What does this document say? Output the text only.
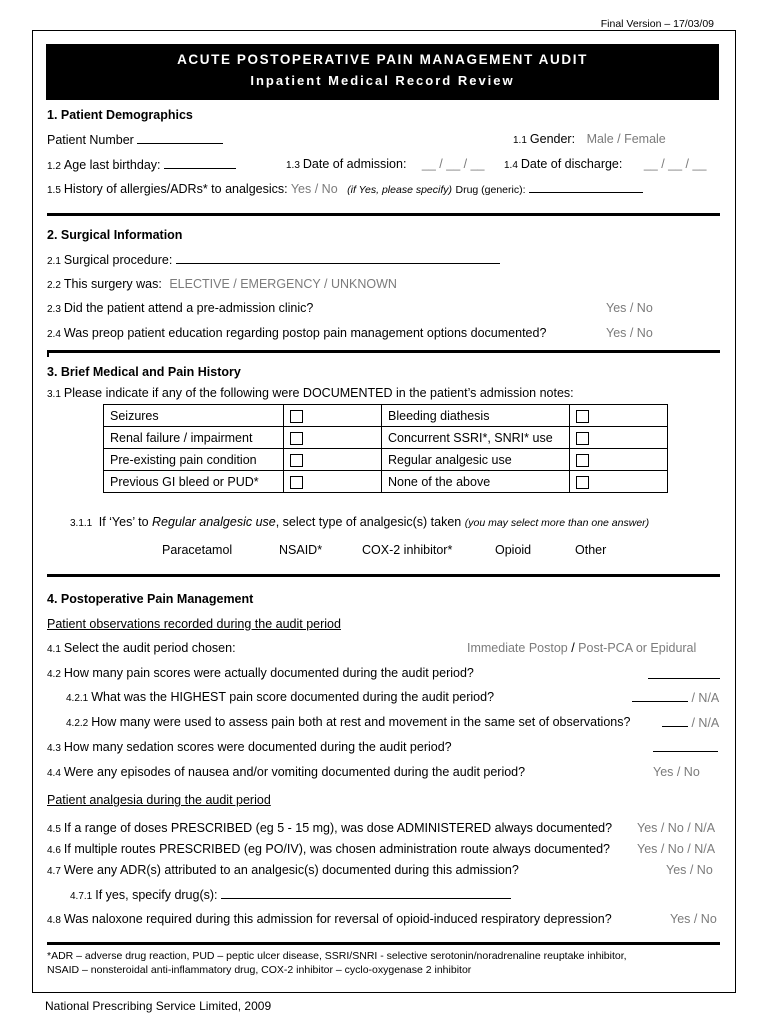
Final Version – 17/03/09
ACUTE POSTOPERATIVE PAIN MANAGEMENT AUDIT
Inpatient Medical Record Review
1. Patient Demographics
Patient Number	1.1 Gender: Male / Female
1.2 Age last birthday:	1.3 Date of admission: __ / __ / __ 1.4 Date of discharge: __ / __ / __
1.5 History of allergies/ADRs* to analgesics: Yes / No (if Yes, please specify) Drug (generic):
2. Surgical Information
2.1 Surgical procedure:
2.2 This surgery was: ELECTIVE / EMERGENCY / UNKNOWN
2.3 Did the patient attend a pre-admission clinic?	Yes / No
2.4 Was preop patient education regarding postop pain management options documented?	Yes / No
3. Brief Medical and Pain History
3.1 Please indicate if any of the following were DOCUMENTED in the patient’s admission notes:
Seizures		Bleeding diathesis	
Renal failure / impairment		Concurrent SSRI*, SNRI* use	
Pre-existing pain condition		Regular analgesic use	
Previous GI bleed or PUD*		None of the above	
3.1.1 If ‘Yes’ to Regular analgesic use, select type of analgesic(s) taken (you may select more than one answer)
Paracetamol	NSAID*	COX-2 inhibitor*	Opioid	Other
4. Postoperative Pain Management
Patient observations recorded during the audit period
4.1 Select the audit period chosen:	Immediate Postop / Post-PCA or Epidural
4.2 How many pain scores were actually documented during the audit period?
4.2.1 What was the HIGHEST pain score documented during the audit period?	/ N/A
4.2.2 How many were used to assess pain both at rest and movement in the same set of observations?	/ N/A
4.3 How many sedation scores were documented during the audit period?
4.4 Were any episodes of nausea and/or vomiting documented during the audit period?	Yes / No
Patient analgesia during the audit period
4.5 If a range of doses PRESCRIBED (eg 5 - 15 mg), was dose ADMINISTERED always documented? Yes / No / N/A
4.6 If multiple routes PRESCRIBED (eg PO/IV), was chosen administration route always documented? Yes / No / N/A
4.7 Were any ADR(s) attributed to an analgesic(s) documented during this admission?	Yes / No
4.7.1 If yes, specify drug(s):
4.8 Was naloxone required during this admission for reversal of opioid-induced respiratory depression?	Yes / No
*ADR – adverse drug reaction, PUD – peptic ulcer disease, SSRI/SNRI - selective serotonin/noradrenaline reuptake inhibitor,
NSAID – nonsteroidal anti-inflammatory drug, COX-2 inhibitor – cyclo-oxygenase 2 inhibitor
National Prescribing Service Limited, 2009
